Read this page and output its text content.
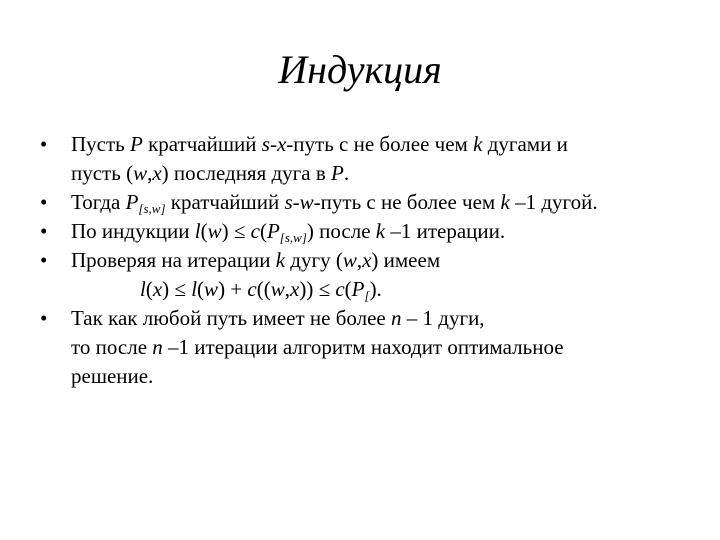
Индукция
•	Пусть P кратчайший s-x-путь с не более чем k дугами и
пусть (w,x) последняя дуга в P.
•	Тогда $P_{[s,w]}$ кратчайший s-w-путь с не более чем k –1 дугой.
•	По индукции $l(w) \le c(P_{[s,w]})$ после k –1 итерации.
•	Проверяя на итерации k дугу (w,x) имеем
$l(x) \le l(w) + c((w,x)) \le c(P_[)$.
•	Так как любой путь имеет не более n – 1 дуги,
то после n –1 итерации алгоритм находит оптимальное
решение.
